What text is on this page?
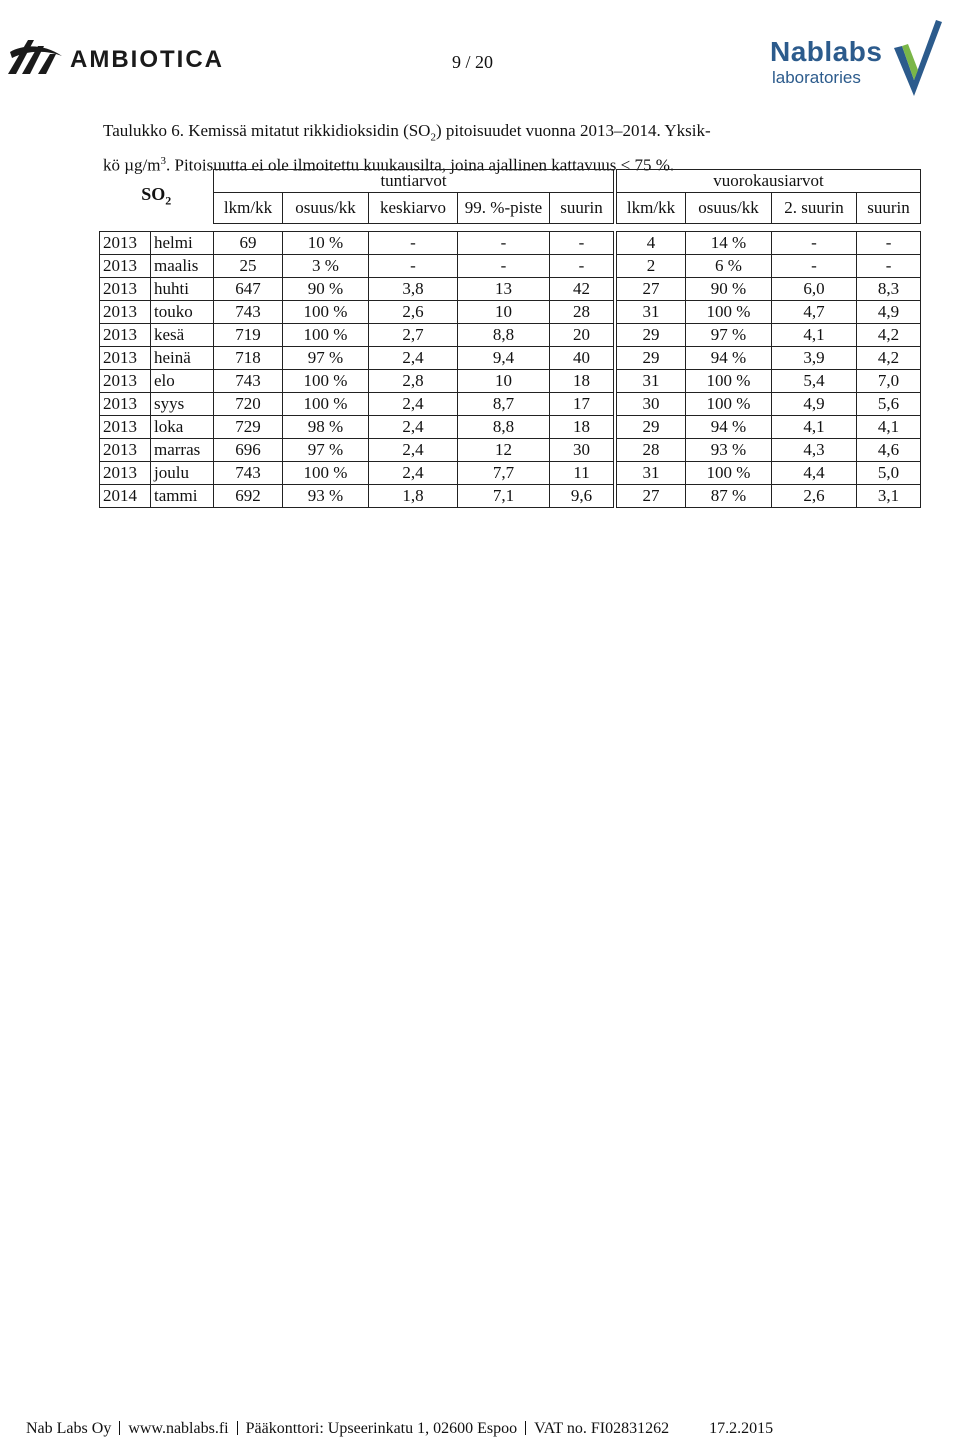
AMBIOTICA	9 / 20	Nablabs
laboratories
Taulukko 6. Kemissä mitatut rikkidioksidin $(SO_2)$ pitoisuudet vuonna 2013–2014. Yksik-
kö $\mu g/m^3$. Pitoisuutta ei ole ilmoitettu kuukausilta, joina ajallinen kattavuus < 75 %.
$SO_2$		tuntiarvot						vuorokausiarvot			
		lkm/kk	osuus/kk	keskiarvo	99. %-piste	suurin		lkm/kk	osuus/kk	2. suurin	suurin

2013	helmi	69	10 %	-	-	-		4	14 %	-	-
2013	maalis	25	3 %	-	-	-		2	6 %	-	-
2013	huhti	647	90 %	3,8	13	42		27	90 %	6,0	8,3
2013	touko	743	100 %	2,6	10	28		31	100 %	4,7	4,9
2013	kesä	719	100 %	2,7	8,8	20		29	97 %	4,1	4,2
2013	heinä	718	97 %	2,4	9,4	40		29	94 %	3,9	4,2
2013	elo	743	100 %	2,8	10	18		31	100 %	5,4	7,0
2013	syys	720	100 %	2,4	8,7	17		30	100 %	4,9	5,6
2013	loka	729	98 %	2,4	8,8	18		29	94 %	4,1	4,1
2013	marras	696	97 %	2,4	12	30		28	93 %	4,3	4,6
2013	joulu	743	100 %	2,4	7,7	11		31	100 %	4,4	5,0
2014	tammi	692	93 %	1,8	7,1	9,6		27	87 %	2,6	3,1
Nab Labs Oy www.nablabs.fi Pääkonttori: Upseerinkatu 1, 02600 Espoo VAT no. FI02831262	17.2.2015
